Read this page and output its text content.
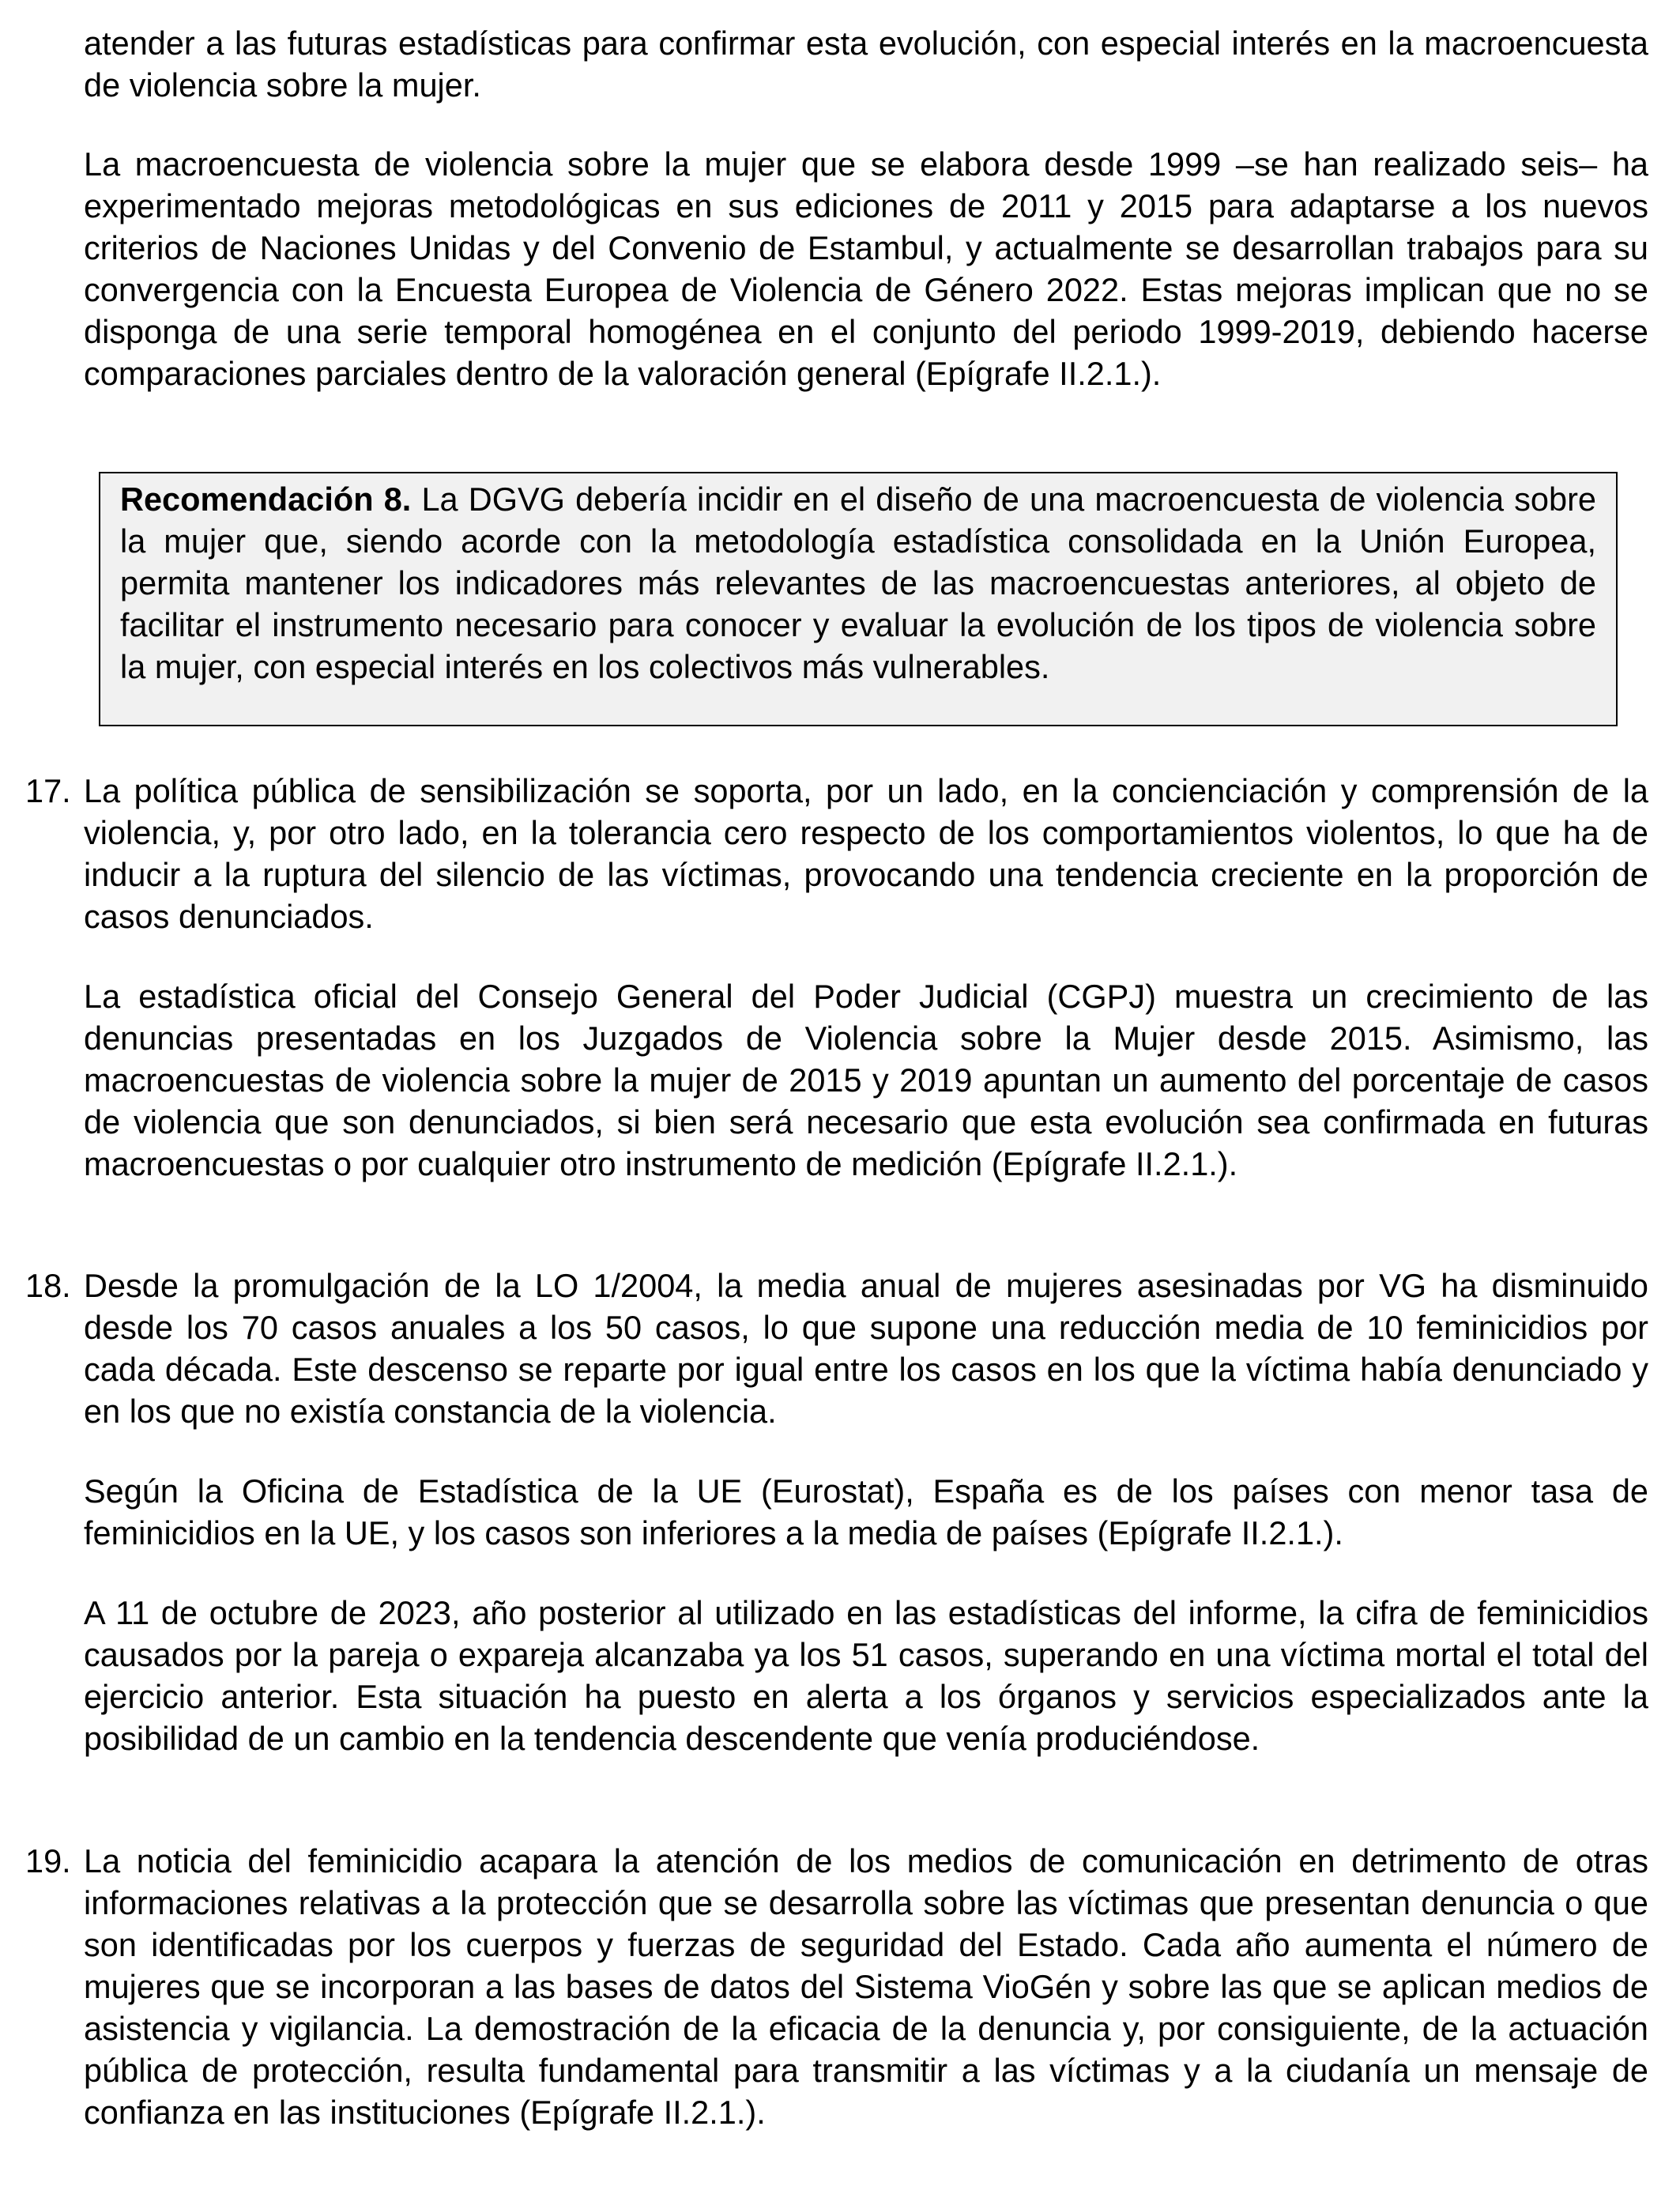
atender a las futuras estadísticas para confirmar esta evolución, con especial interés en la macroencuesta de violencia sobre la mujer.

La macroencuesta de violencia sobre la mujer que se elabora desde 1999 –se han realizado seis– ha experimentado mejoras metodológicas en sus ediciones de 2011 y 2015 para adaptarse a los nuevos criterios de Naciones Unidas y del Convenio de Estambul, y actualmente se desarrollan trabajos para su convergencia con la Encuesta Europea de Violencia de Género 2022. Estas mejoras implican que no se disponga de una serie temporal homogénea en el conjunto del periodo 1999-2019, debiendo hacerse comparaciones parciales dentro de la valoración general (Epígrafe II.2.1.).

Recomendación 8. La DGVG debería incidir en el diseño de una macroencuesta de violencia sobre la mujer que, siendo acorde con la metodología estadística consolidada en la Unión Europea, permita mantener los indicadores más relevantes de las macroencuestas anteriores, al objeto de facilitar el instrumento necesario para conocer y evaluar la evolución de los tipos de violencia sobre la mujer, con especial interés en los colectivos más vulnerables.

17. La política pública de sensibilización se soporta, por un lado, en la concienciación y comprensión de la violencia, y, por otro lado, en la tolerancia cero respecto de los comportamientos violentos, lo que ha de inducir a la ruptura del silencio de las víctimas, provocando una tendencia creciente en la proporción de casos denunciados.

La estadística oficial del Consejo General del Poder Judicial (CGPJ) muestra un crecimiento de las denuncias presentadas en los Juzgados de Violencia sobre la Mujer desde 2015. Asimismo, las macroencuestas de violencia sobre la mujer de 2015 y 2019 apuntan un aumento del porcentaje de casos de violencia que son denunciados, si bien será necesario que esta evolución sea confirmada en futuras macroencuestas o por cualquier otro instrumento de medición (Epígrafe II.2.1.).

18. Desde la promulgación de la LO 1/2004, la media anual de mujeres asesinadas por VG ha disminuido desde los 70 casos anuales a los 50 casos, lo que supone una reducción media de 10 feminicidios por cada década. Este descenso se reparte por igual entre los casos en los que la víctima había denunciado y en los que no existía constancia de la violencia.

Según la Oficina de Estadística de la UE (Eurostat), España es de los países con menor tasa de feminicidios en la UE, y los casos son inferiores a la media de países (Epígrafe II.2.1.).

A 11 de octubre de 2023, año posterior al utilizado en las estadísticas del informe, la cifra de feminicidios causados por la pareja o expareja alcanzaba ya los 51 casos, superando en una víctima mortal el total del ejercicio anterior. Esta situación ha puesto en alerta a los órganos y servicios especializados ante la posibilidad de un cambio en la tendencia descendente que venía produciéndose.

19. La noticia del feminicidio acapara la atención de los medios de comunicación en detrimento de otras informaciones relativas a la protección que se desarrolla sobre las víctimas que presentan denuncia o que son identificadas por los cuerpos y fuerzas de seguridad del Estado. Cada año aumenta el número de mujeres que se incorporan a las bases de datos del Sistema VioGén y sobre las que se aplican medios de asistencia y vigilancia. La demostración de la eficacia de la denuncia y, por consiguiente, de la actuación pública de protección, resulta fundamental para transmitir a las víctimas y a la ciudanía un mensaje de confianza en las instituciones (Epígrafe II.2.1.).
